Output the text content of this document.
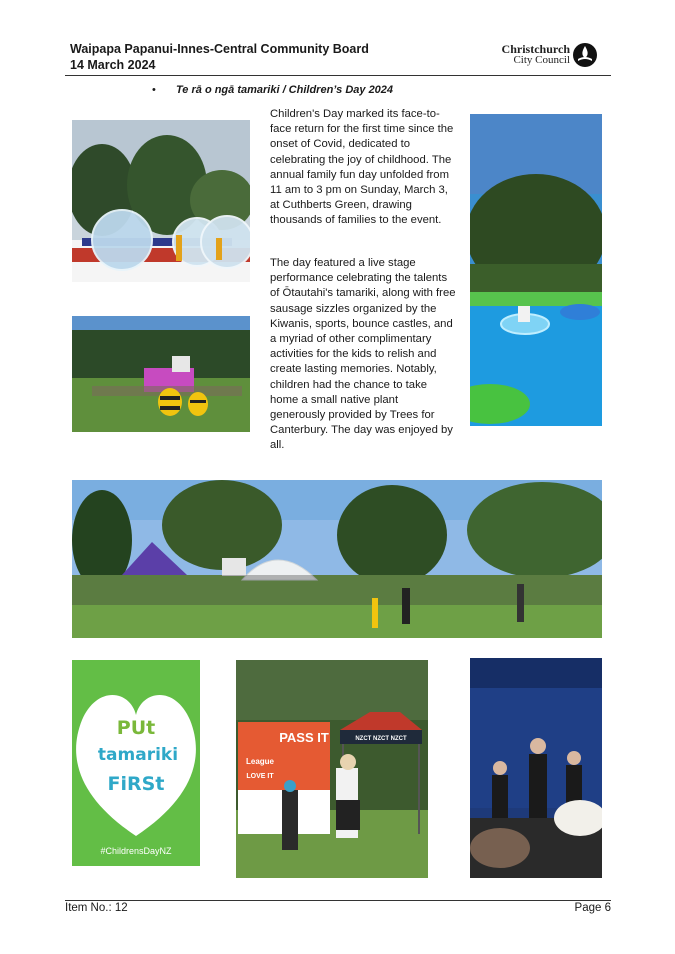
Waipapa Papanui-Innes-Central Community Board
14 March 2024
Christchurch
City Council
• Te rā o ngā tamariki / Children’s Day 2024
Children's Day marked its face-to-face return for the first time since the onset of Covid, dedicated to celebrating the joy of childhood. The annual family fun day unfolded from 11 am to 3 pm on Sunday, March 3, at Cuthberts Green, drawing thousands of families to the event.
The day featured a live stage performance celebrating the talents of Ōtautahi's tamariki, along with free sausage sizzles organized by the Kiwanis, sports, bounce castles, and a myriad of other complimentary activities for the kids to relish and create lasting memories. Notably, children had the chance to take home a small native plant generously provided by Trees for Canterbury. The day was enjoyed by all.
PUt
tamariki
FiRSt
#ChildrensDayNZ
PASS IT
League
LOVE IT
NZCT NZCT NZCT
Item No.: 12	Page 6
